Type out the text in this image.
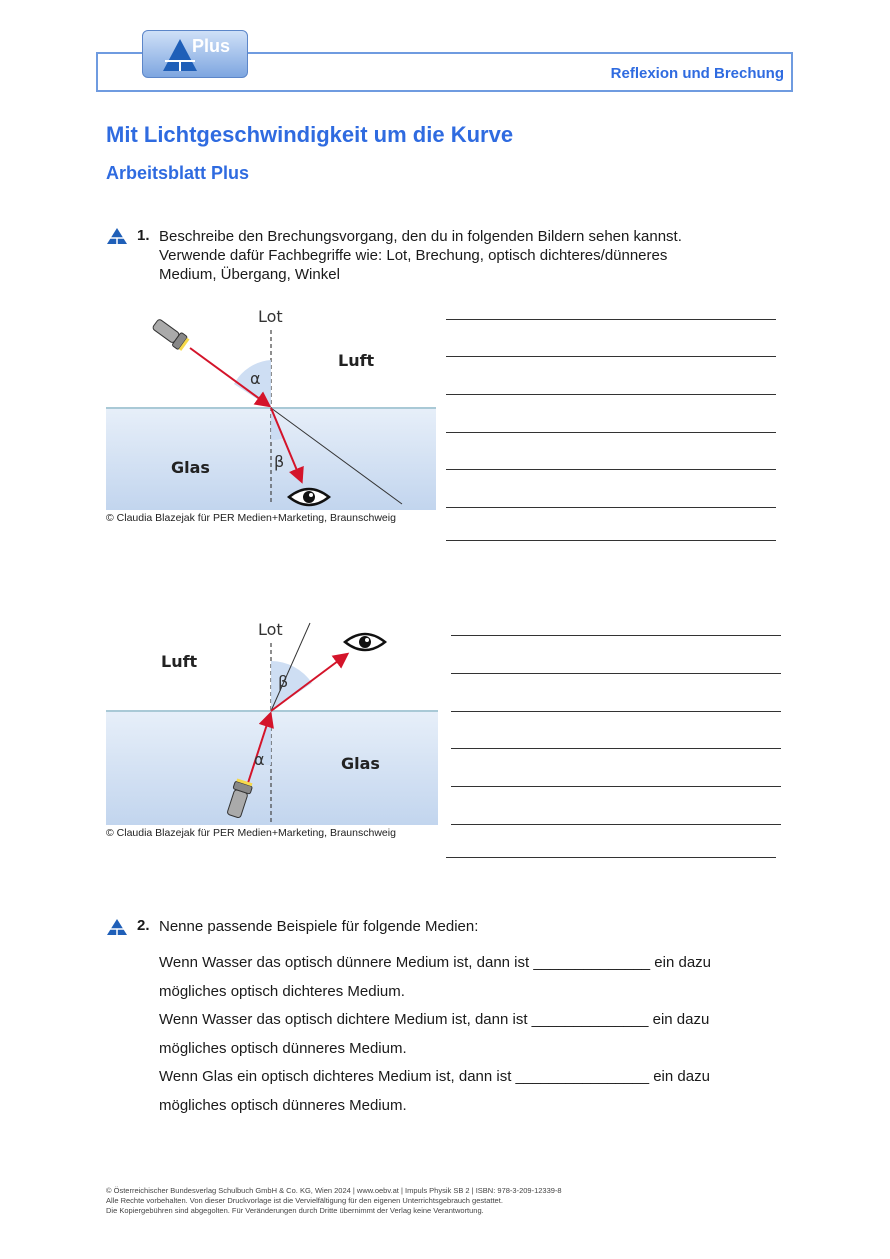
Plus
Reflexion und Brechung
Mit Lichtgeschwindigkeit um die Kurve
Arbeitsblatt Plus
1. Beschreibe den Brechungsvorgang, den du in folgenden Bildern sehen kannst.
Verwende dafür Fachbegriffe wie: Lot, Brechung, optisch dichteres/dünneres
Medium, Übergang, Winkel
Lot
Luft
Glas
α
β
© Claudia Blazejak für PER Medien+Marketing, Braunschweig
Lot
Luft
Glas
α
β
© Claudia Blazejak für PER Medien+Marketing, Braunschweig
2. Nenne passende Beispiele für folgende Medien:
Wenn Wasser das optisch dünnere Medium ist, dann ist ______________ ein dazu
mögliches optisch dichteres Medium.
Wenn Wasser das optisch dichtere Medium ist, dann ist ______________ ein dazu
mögliches optisch dünneres Medium.
Wenn Glas ein optisch dichteres Medium ist, dann ist ________________ ein dazu
mögliches optisch dünneres Medium.
© Österreichischer Bundesverlag Schulbuch GmbH & Co. KG, Wien 2024 | www.oebv.at | Impuls Physik SB 2 | ISBN: 978-3-209-12339-8
Alle Rechte vorbehalten. Von dieser Druckvorlage ist die Vervielfältigung für den eigenen Unterrichtsgebrauch gestattet.
Die Kopiergebühren sind abgegolten. Für Veränderungen durch Dritte übernimmt der Verlag keine Verantwortung.
